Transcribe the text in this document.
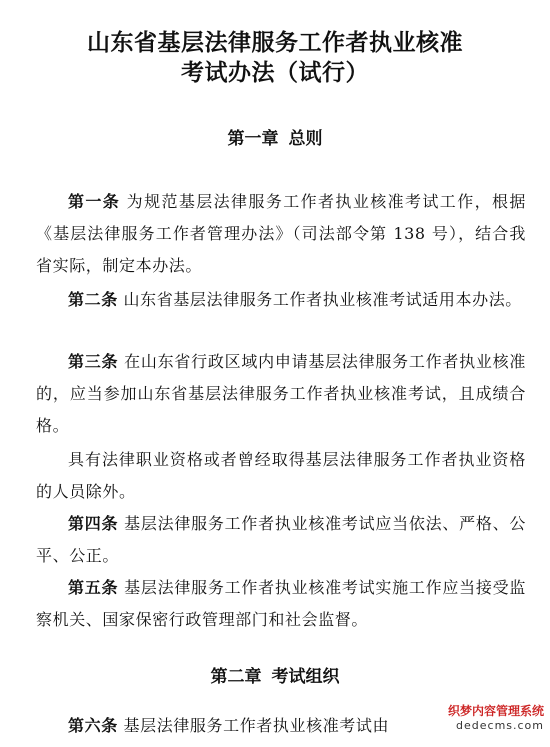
山东省基层法律服务工作者执业核准
考试办法（试行）
第一章 总则
第一条 为规范基层法律服务工作者执业核准考试工作，根据《基层法律服务工作者管理办法》（司法部令第 138 号），结合我省实际，制定本办法。
第二条 山东省基层法律服务工作者执业核准考试适用本办法。
第三条 在山东省行政区域内申请基层法律服务工作者执业核准的，应当参加山东省基层法律服务工作者执业核准考试，且成绩合格。
具有法律职业资格或者曾经取得基层法律服务工作者执业资格的人员除外。
第四条 基层法律服务工作者执业核准考试应当依法、严格、公平、公正。
第五条 基层法律服务工作者执业核准考试实施工作应当接受监察机关、国家保密行政管理部门和社会监督。
第二章 考试组织
第六条 基层法律服务工作者执业核准考试由
织梦内容管理系统
dedecms.com
